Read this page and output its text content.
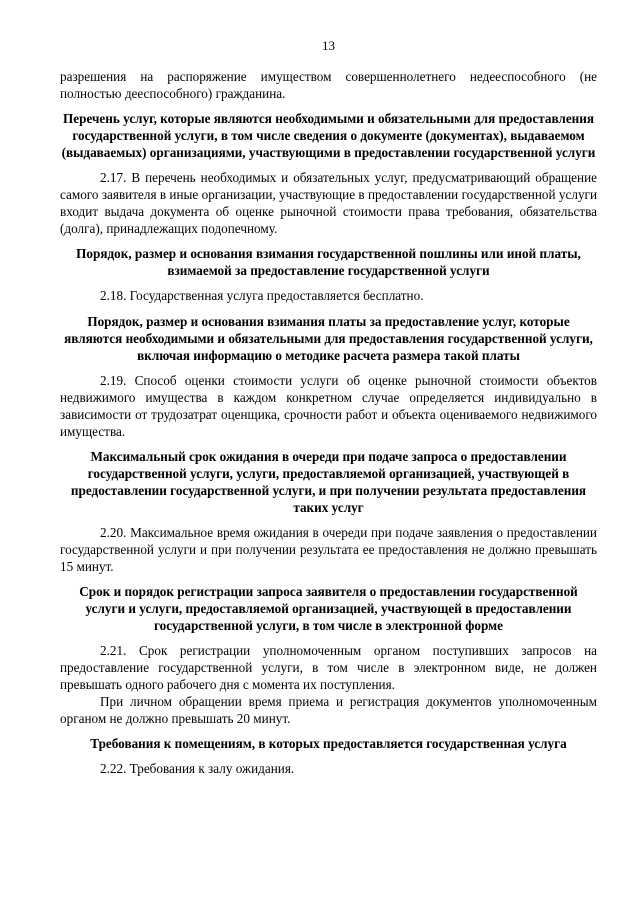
13

разрешения на распоряжение имуществом совершеннолетнего недееспособного (не полностью дееспособного) гражданина.

Перечень услуг, которые являются необходимыми и обязательными для предоставления государственной услуги, в том числе сведения о документе (документах), выдаваемом (выдаваемых) организациями, участвующими в предоставлении государственной услуги

2.17. В перечень необходимых и обязательных услуг, предусматривающий обращение самого заявителя в иные организации, участвующие в предоставлении государственной услуги входит выдача документа об оценке рыночной стоимости права требования, обязательства (долга), принадлежащих подопечному.

Порядок, размер и основания взимания государственной пошлины или иной платы, взимаемой за предоставление государственной услуги

2.18. Государственная услуга предоставляется бесплатно.

Порядок, размер и основания взимания платы за предоставление услуг, которые являются необходимыми и обязательными для предоставления государственной услуги, включая информацию о методике расчета размера такой платы

2.19. Способ оценки стоимости услуги об оценке рыночной стоимости объектов недвижимого имущества в каждом конкретном случае определяется индивидуально в зависимости от трудозатрат оценщика, срочности работ и объекта оцениваемого недвижимого имущества.

Максимальный срок ожидания в очереди при подаче запроса о предоставлении государственной услуги, услуги, предоставляемой организацией, участвующей в предоставлении государственной услуги, и при получении результата предоставления таких услуг

2.20. Максимальное время ожидания в очереди при подаче заявления о предоставлении государственной услуги и при получении результата ее предоставления не должно превышать 15 минут.

Срок и порядок регистрации запроса заявителя о предоставлении государственной услуги и услуги, предоставляемой организацией, участвующей в предоставлении государственной услуги, в том числе в электронной форме

2.21. Срок регистрации уполномоченным органом поступивших запросов на предоставление государственной услуги, в том числе в электронном виде, не должен превышать одного рабочего дня с момента их поступления.

При личном обращении время приема и регистрация документов уполномоченным органом не должно превышать 20 минут.

Требования к помещениям, в которых предоставляется государственная услуга

2.22. Требования к залу ожидания.
